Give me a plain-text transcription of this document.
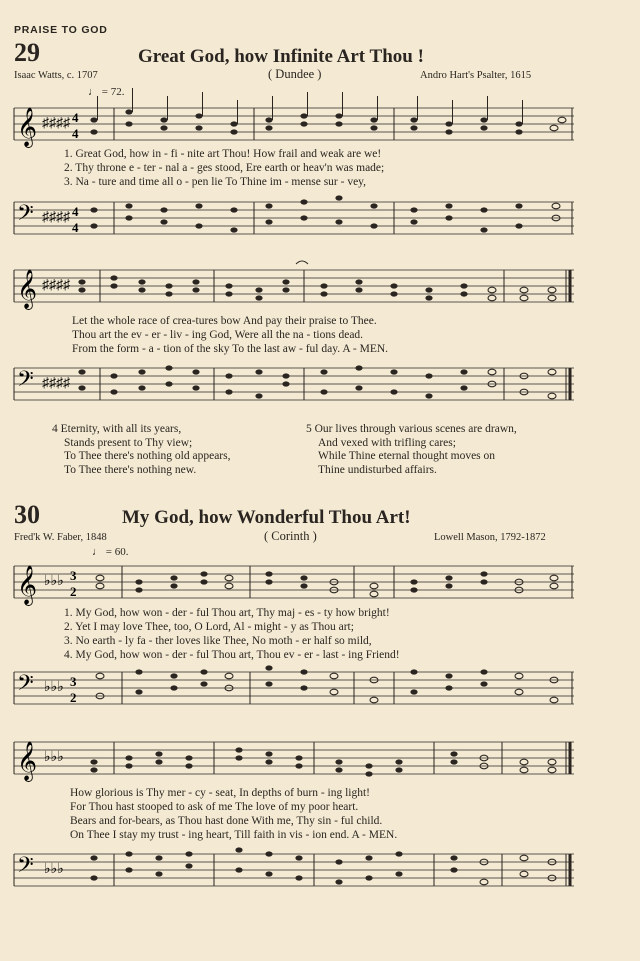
PRAISE TO GOD
29	Great God, how Infinite Art Thou !
Isaac Watts, c. 1707	( Dundee )	Andro Hart's Psalter, 1615
♩ = 72.
𝄞 ♯♯♯♯ 4
4
1. Great God, how in - fi - nite art Thou! How frail and weak are we!
2. Thy throne e - ter - nal a - ges stood, Ere earth or heav'n was made;
3. Na - ture and time all o - pen lie To Thine im - mense sur - vey,
𝄢 ♯♯♯♯ 4
4
𝄞 ♯♯♯♯
Let the whole race of crea-tures bow And pay their praise to Thee.
Thou art the ev - er - liv - ing God, Were all the na - tions dead.
From the form - a - tion of the sky To the last aw - ful day. A - MEN.
𝄢 ♯♯♯♯
4 Eternity, with all its years,
Stands present to Thy view;
To Thee there's nothing old appears,
To Thee there's nothing new.
5 Our lives through various scenes are drawn,
And vexed with trifling cares;
While Thine eternal thought moves on
Thine undisturbed affairs.
30	My God, how Wonderful Thou Art!
Fred'k W. Faber, 1848	( Corinth )	Lowell Mason, 1792-1872
♩ = 60.
𝄞 ♭♭♭ 3
2
1. My God, how won - der - ful Thou art, Thy maj - es - ty how bright!
2. Yet I may love Thee, too, O Lord, Al - might - y as Thou art;
3. No earth - ly fa - ther loves like Thee, No moth - er half so mild,
4. My God, how won - der - ful Thou art, Thou ev - er - last - ing Friend!
𝄢 ♭♭♭ 3
2
𝄞 ♭♭♭
How glorious is Thy mer - cy - seat, In depths of burn - ing light!
For Thou hast stooped to ask of me The love of my poor heart.
Bears and for-bears, as Thou hast done With me, Thy sin - ful child.
On Thee I stay my trust - ing heart, Till faith in vis - ion end. A - MEN.
𝄢 ♭♭♭
